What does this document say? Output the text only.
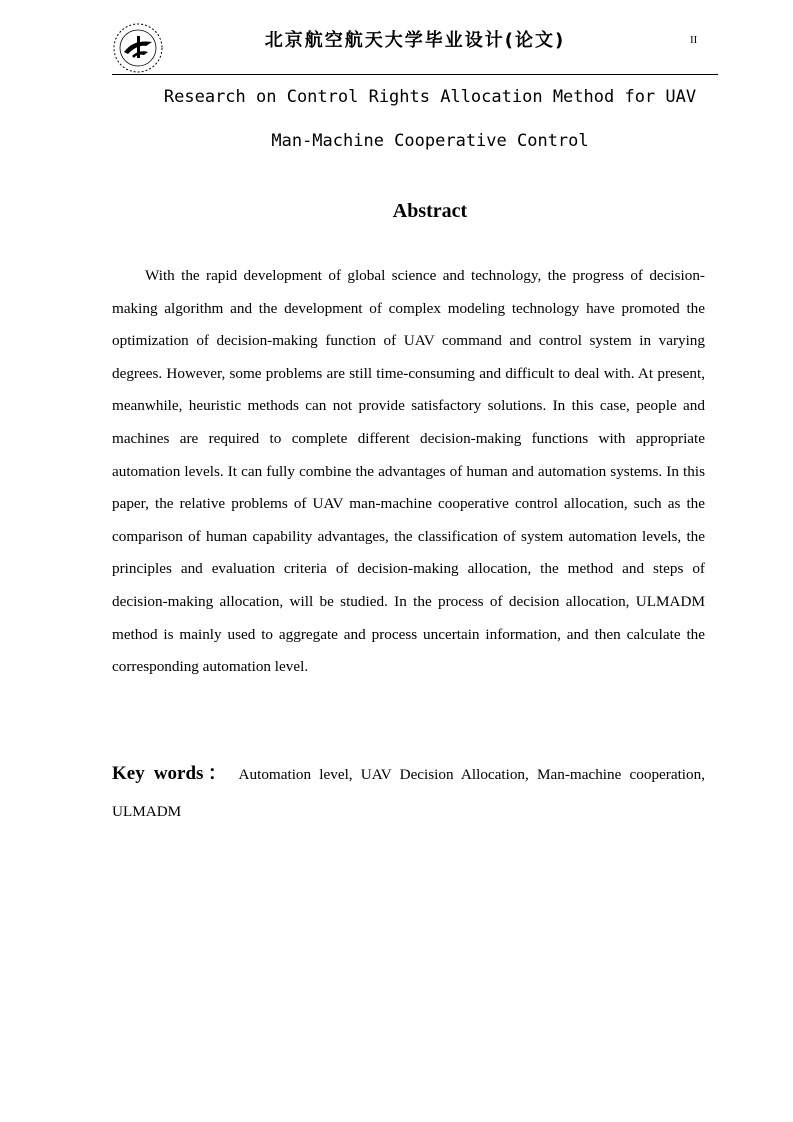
北京航空航天大学毕业设计(论文)	II
Research on Control Rights Allocation Method for UAV
Man-Machine Cooperative Control
Abstract

With the rapid development of global science and technology, the progress of decision-making algorithm and the development of complex modeling technology have promoted the optimization of decision-making function of UAV command and control system in varying degrees. However, some problems are still time-consuming and difficult to deal with. At present, meanwhile, heuristic methods can not provide satisfactory solutions. In this case, people and machines are required to complete different decision-making functions with appropriate automation levels. It can fully combine the advantages of human and automation systems. In this paper, the relative problems of UAV man-machine cooperative control allocation, such as the comparison of human capability advantages, the classification of system automation levels, the principles and evaluation criteria of decision-making allocation, the method and steps of decision-making allocation, will be studied. In the process of decision allocation, ULMADM method is mainly used to aggregate and process uncertain information, and then calculate the corresponding automation level.

Key words： Automation level, UAV Decision Allocation, Man-machine cooperation, ULMADM
